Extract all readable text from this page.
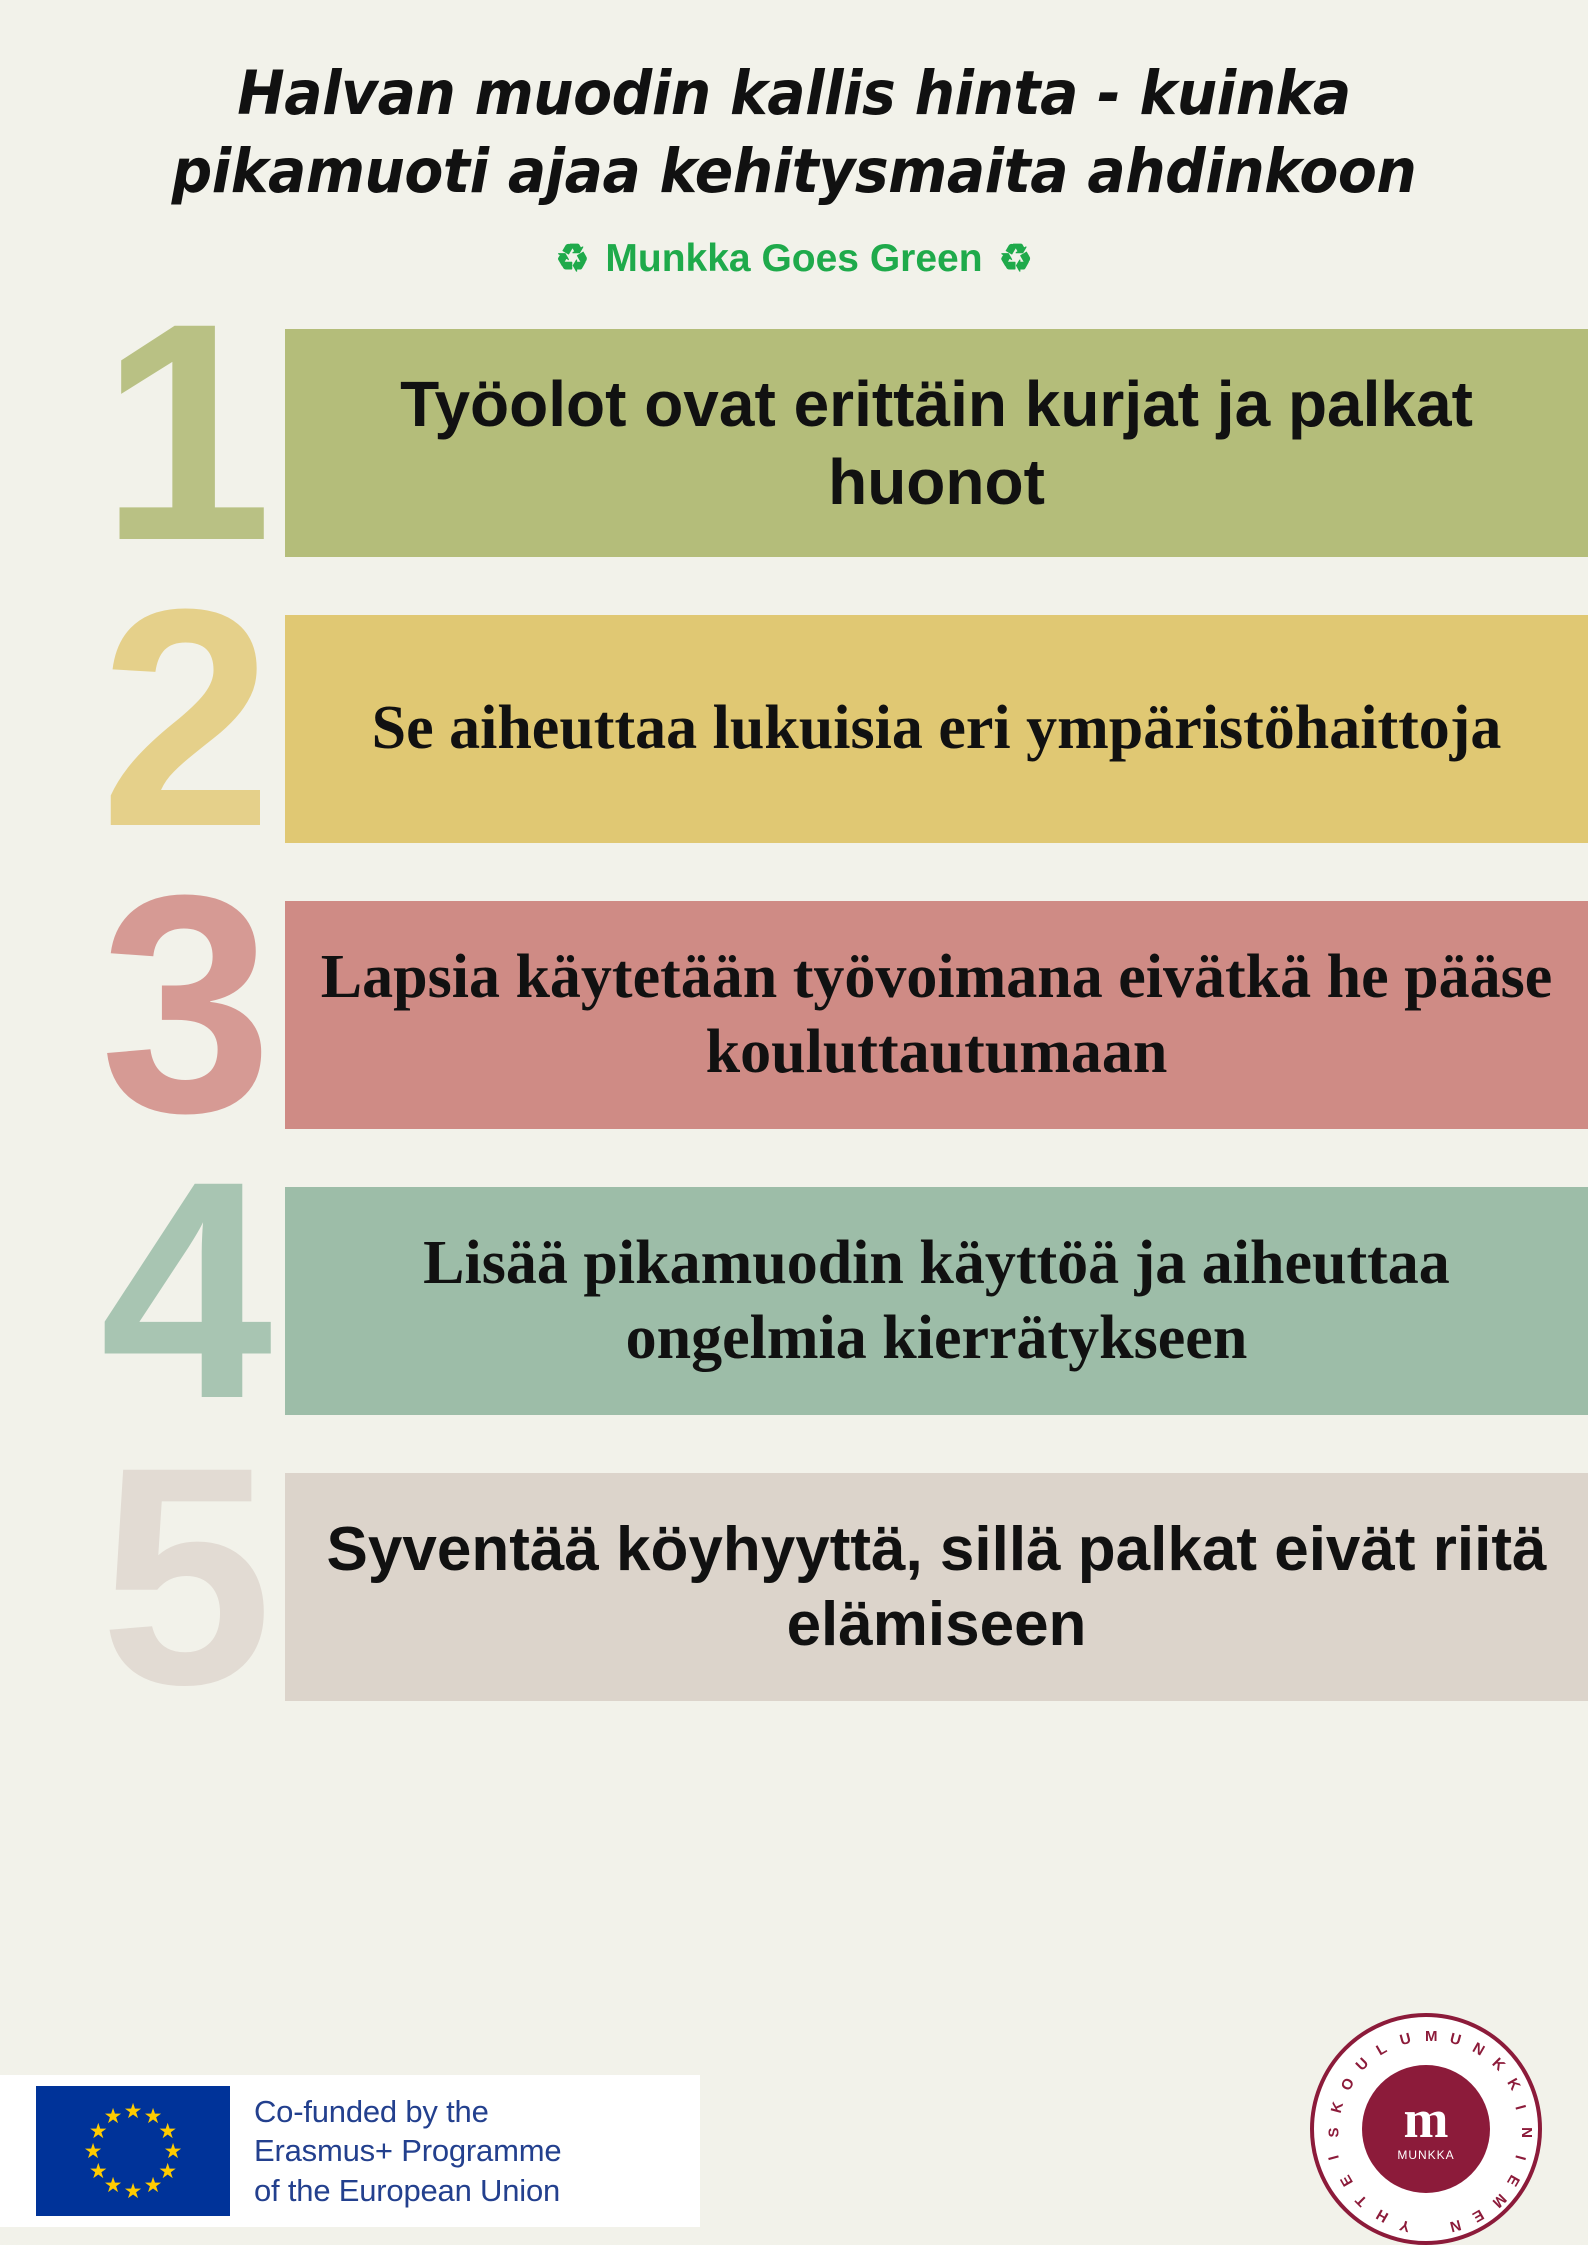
Halvan muodin kallis hinta - kuinka pikamuoti ajaa kehitysmaita ahdinkoon
♻ Munkka Goes Green ♻
1	Työolot ovat erittäin kurjat ja palkat huonot
2	Se aiheuttaa lukuisia eri ympäristöhaittoja
3 Lapsia käytetään työvoimana eivätkä he pääse kouluttautumaan
4	Lisää pikamuodin käyttöä ja aiheuttaa ongelmia kierrätykseen
5 Syventää köyhyyttä, sillä palkat eivät riitä elämiseen
★ ★
★
★
★
★
★
★
★
★
★
★	Co-funded by the
Erasmus+ Programme
of the European Union
m
MUNKKA
M U N
K
K
I
N
I
E
M
E
N
Y
H
T
E
I
S
K
O
U
L U
